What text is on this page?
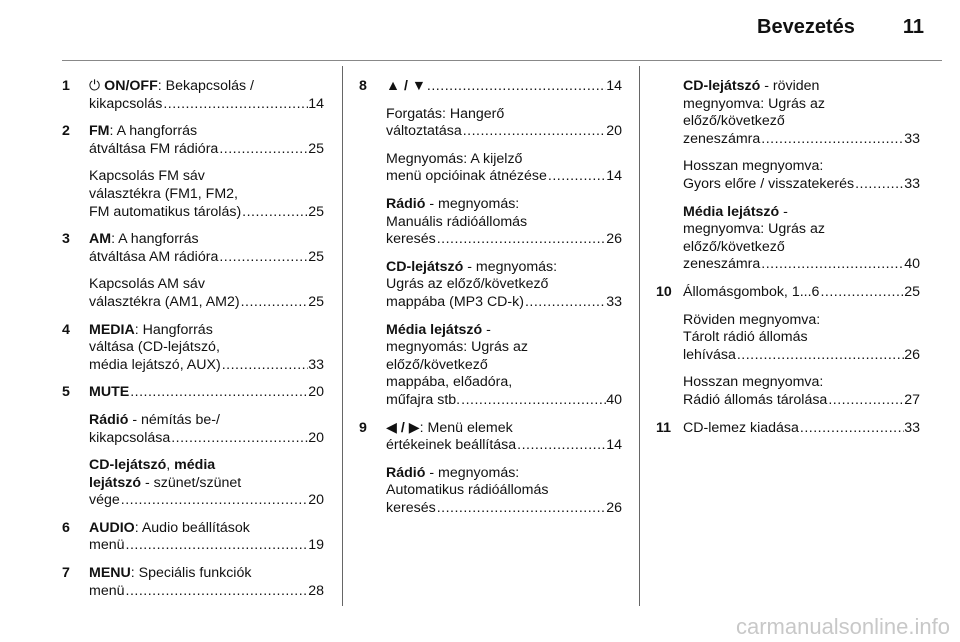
Bevezetés 11
1	⏻ ON/OFF : Bekapcsolás /
kikapcsolás .....	14
2	FM : A hangforrás
átváltása FM rádióra .....	25
Kapcsolás FM sáv
választékra (FM1, FM2,
FM automatikus tárolás) .....	25
3	AM : A hangforrás
átváltása AM rádióra .....	25
Kapcsolás AM sáv
választékra (AM1, AM2) .....	25
4	MEDIA : Hangforrás
váltása (CD-lejátszó,
média lejátszó, AUX) .....	33
5	MUTE .....	20
Rádió - némítás be-/
kikapcsolása .....	20
CD-lejátszó , média
lejátszó - szünet/szünet
vége .....	20
6	AUDIO : Audio beállítások
menü .....	19
7	MENU : Speciális funkciók
menü .....	28
8	▲ / ▼ .....	14
Forgatás: Hangerő
változtatása .....	20
Megnyomás: A kijelző
menü opcióinak átnézése .....	14
Rádió - megnyomás:
Manuális rádióállomás
keresés .....	26
CD-lejátszó - megnyomás:
Ugrás az előző/következő
mappába (MP3 CD-k) .....	33
Média lejátszó -
megnyomás: Ugrás az
előző/következő
mappába, előadóra,
műfajra stb. .....	40
9	◀ / ▶ : Menü elemek
értékeinek beállítása .....	14
Rádió - megnyomás:
Automatikus rádióállomás
keresés .....	26
CD-lejátszó - röviden
megnyomva: Ugrás az
előző/következő
zeneszámra .....	33
Hosszan megnyomva:
Gyors előre / visszatekerés .....	33
Média lejátszó -
megnyomva: Ugrás az
előző/következő
zeneszámra .....	40
10 Állomásgombok, 1...6 .....	25
Röviden megnyomva:
Tárolt rádió állomás
lehívása .....	26
Hosszan megnyomva:
Rádió állomás tárolása .....	27
11 CD-lemez kiadása .....	33
carmanualsonline.info
